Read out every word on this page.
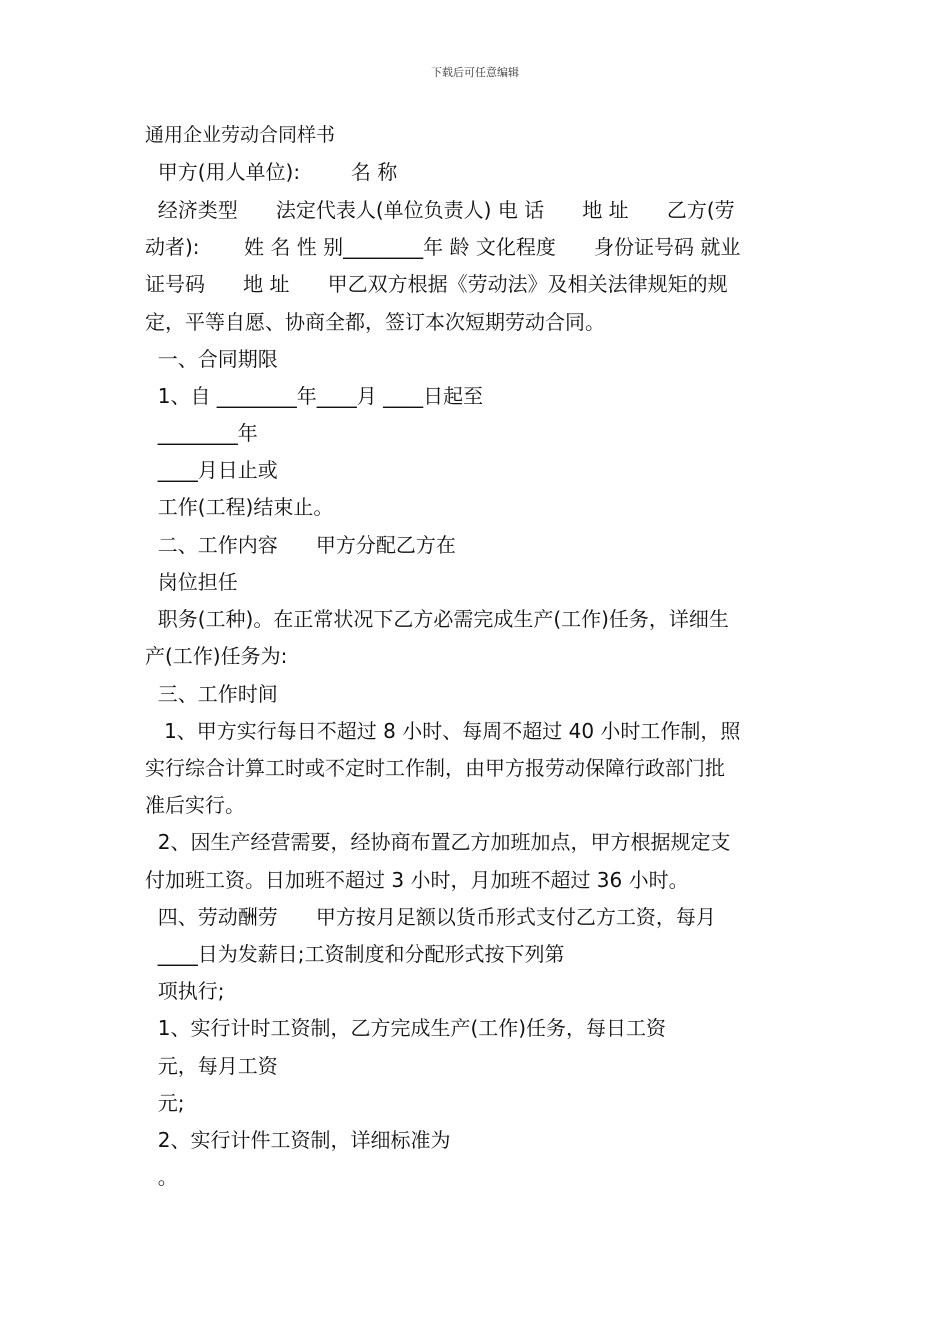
下载后可任意编辑
通用企业劳动合同样书
甲方(用人单位):        名 称
经济类型      法定代表人(单位负责人) 电 话      地 址      乙方(劳
动者):       姓 名 性 别________年 龄 文化程度      身份证号码 就业
证号码      地 址      甲乙双方根据《劳动法》及相关法律规矩的规
定，平等自愿、协商全都，签订本次短期劳动合同。
一、合同期限
1、自 ________年____月 ____日起至
________年
____月日止或
工作(工程)结束止。
二、工作内容      甲方分配乙方在
岗位担任
职务(工种)。在正常状况下乙方必需完成生产(工作)任务，详细生
产(工作)任务为:
三、工作时间
1、甲方实行每日不超过 8 小时、每周不超过 40 小时工作制，照
实行综合计算工时或不定时工作制，由甲方报劳动保障行政部门批
准后实行。
2、因生产经营需要，经协商布置乙方加班加点，甲方根据规定支
付加班工资。日加班不超过 3 小时，月加班不超过 36 小时。
四、劳动酬劳      甲方按月足额以货币形式支付乙方工资，每月
____日为发薪日;工资制度和分配形式按下列第
项执行;
1、实行计时工资制，乙方完成生产(工作)任务，每日工资
元，每月工资
元;
2、实行计件工资制，详细标准为
。
